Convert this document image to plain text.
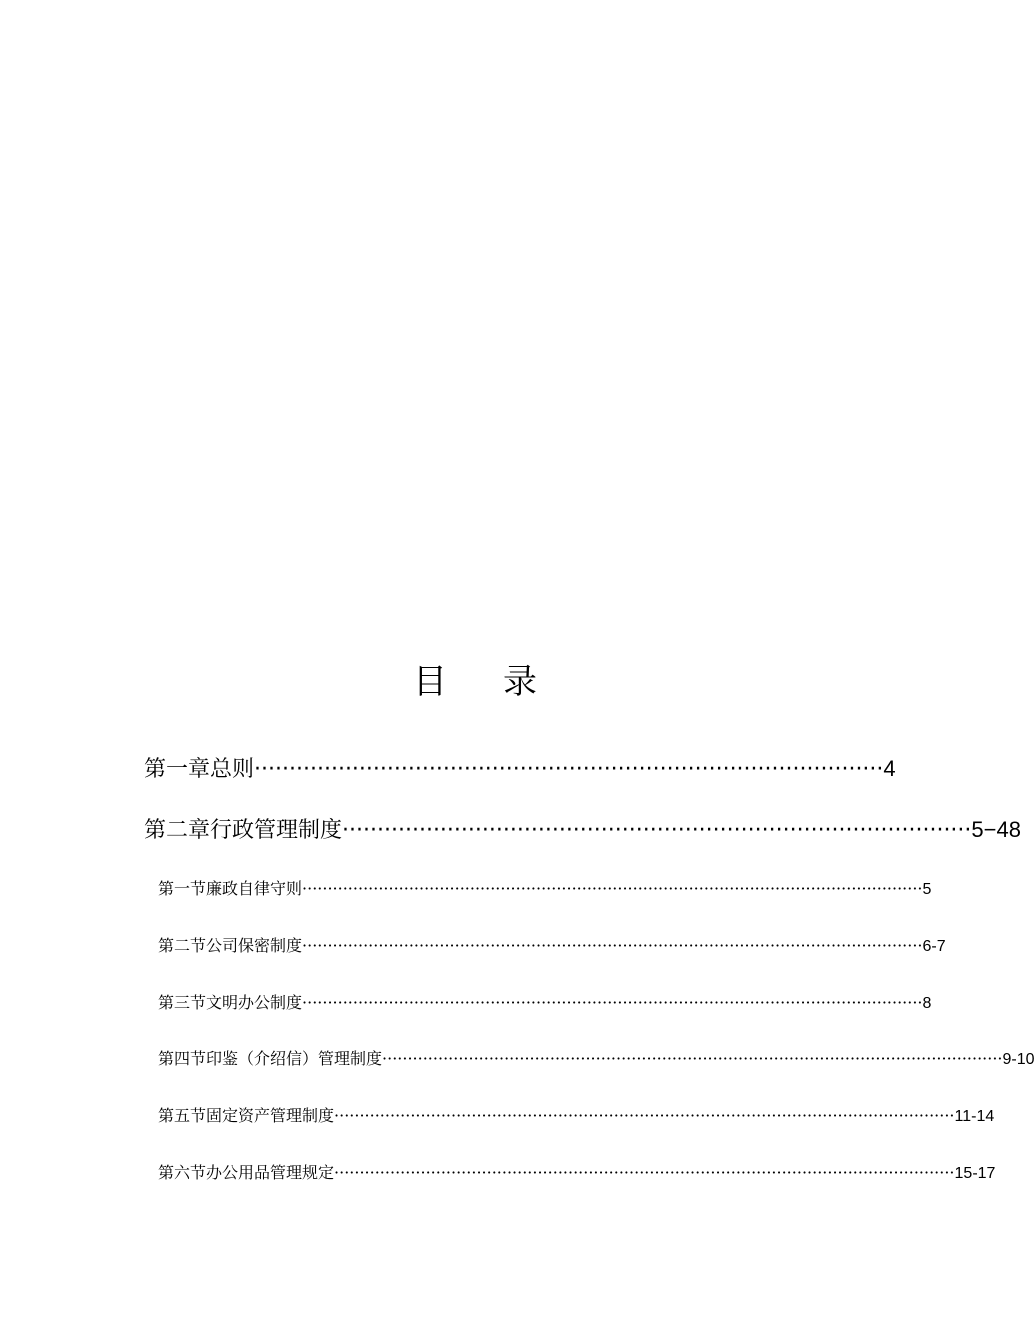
目 录
第一章 总则 ·························································································· 4
第二章 行政管理制度 ·························································································· 5−48
第一节 廉政自律守则 ·························································································································· 5
第二节 公司保密制度 ·························································································································· 6-7
第三节 文明办公制度 ·························································································································· 8
第四节 印鉴（介绍信）管理制度 ·························································································································· 9-10
第五节 固定资产管理制度 ·························································································································· 11-14
第六节 办公用品管理规定 ·························································································································· 15-17
